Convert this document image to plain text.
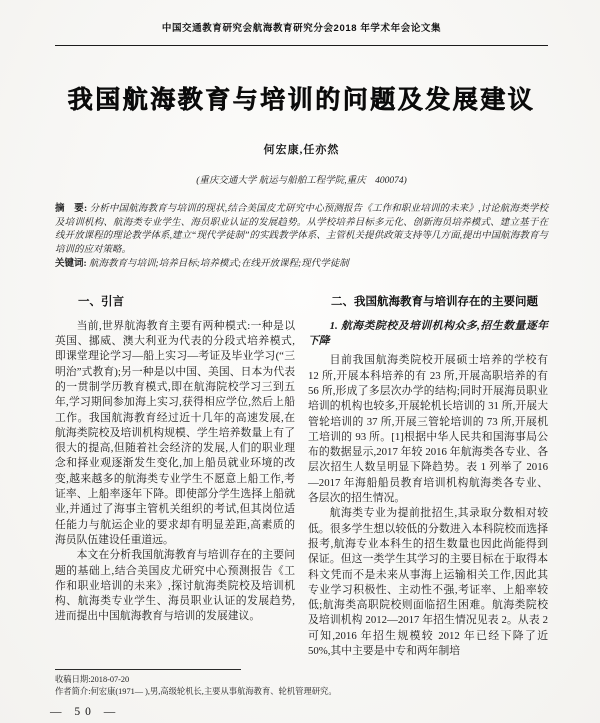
中国交通教育研究会航海教育研究分会2018 年学术年会论文集
我国航海教育与培训的问题及发展建议
何宏康,任亦然
(重庆交通大学 航运与船舶工程学院,重庆　400074)

摘　要: 分析中国航海教育与培训的现状,结合美国皮尤研究中心预测报告《工作和职业培训的未来》,讨论航海类学校及培训机构、航海类专业学生、海员职业认证的发展趋势。从学校培养目标多元化、创新海员培养模式、建立基于在线开放课程的理论教学体系,建立“现代学徒制”的实践教学体系、主管机关提供政策支持等几方面,提出中国航海教育与培训的应对策略。

关键词: 航海教育与培训;培养目标;培养模式;在线开放课程;现代学徒制

一、引言

当前,世界航海教育主要有两种模式:一种是以英国、挪威、澳大利亚为代表的分段式培养模式,即课堂理论学习—船上实习—考证及毕业学习(“三明治”式教育);另一种是以中国、美国、日本为代表的一贯制学历教育模式,即在航海院校学习三到五年,学习期间参加海上实习,获得相应学位,然后上船工作。我国航海教育经过近十几年的高速发展,在航海类院校及培训机构规模、学生培养数量上有了很大的提高,但随着社会经济的发展,人们的职业理念和择业观逐渐发生变化,加上船员就业环境的改变,越来越多的航海类专业学生不愿意上船工作,考证率、上船率逐年下降。即使部分学生选择上船就业,并通过了海事主管机关组织的考试,但其岗位适任能力与航运企业的要求却有明显差距,高素质的海员队伍建设任重道远。

本文在分析我国航海教育与培训存在的主要问题的基础上,结合美国皮尤研究中心预测报告《工作和职业培训的未来》,探讨航海类院校及培训机构、航海类专业学生、海员职业认证的发展趋势,进而提出中国航海教育与培训的发展建议。

二、我国航海教育与培训存在的主要问题
1. 航海类院校及培训机构众多,招生数量逐年下降

目前我国航海类院校开展硕士培养的学校有 12 所,开展本科培养的有 23 所,开展高职培养的有 56 所,形成了多层次办学的结构;同时开展海员职业培训的机构也较多,开展轮机长培训的 31 所,开展大管轮培训的 37 所,开展三管轮培训的 73 所,开展机工培训的 93 所。[1]根据中华人民共和国海事局公布的数据显示,2017 年较 2016 年航海类各专业、各层次招生人数呈明显下降趋势。表 1 列举了 2016—2017 年海船船员教育培训机构航海类各专业、各层次的招生情况。

航海类专业为提前批招生,其录取分数相对较低。很多学生想以较低的分数进入本科院校而选择报考,航海专业本科生的招生数量也因此尚能得到保证。但这一类学生其学习的主要目标在于取得本科文凭而不是未来从事海上运输相关工作,因此其专业学习积极性、主动性不强,考证率、上船率较低;航海类高职院校则面临招生困难。航海类院校及培训机构 2012—2017 年招生情况见表 2。从表 2 可知,2016 年招生规模较 2012 年已经下降了近 50%,其中主要是中专和两年制培

收稿日期:2018-07-20
作者简介:何宏康(1971— ),男,高级轮机长,主要从事航海教育、轮机管理研究。
— 50 —
